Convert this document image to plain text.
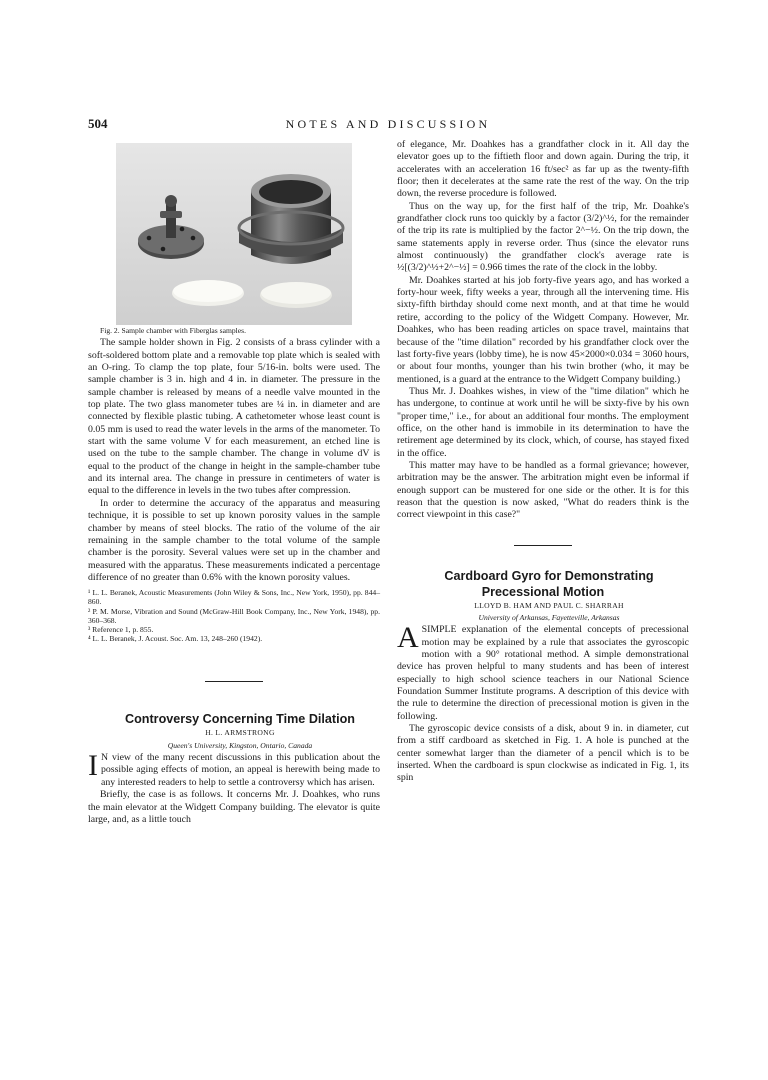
504	NOTES AND DISCUSSION

Fig. 2. Sample chamber with Fiberglas samples.

The sample holder shown in Fig. 2 consists of a brass cylinder with a soft-soldered bottom plate and a removable top plate which is sealed with an O-ring. To clamp the top plate, four 5/16-in. bolts were used. The sample chamber is 3 in. high and 4 in. in diameter. The pressure in the sample chamber is released by means of a needle valve mounted in the top plate. The two glass manometer tubes are ¼ in. in diameter and are connected by flexible plastic tubing. A cathetometer whose least count is 0.05 mm is used to read the water levels in the arms of the manometer. To start with the same volume V for each measurement, an etched line is used on the tube to the sample chamber. The change in volume dV is equal to the product of the change in height in the sample-chamber tube and its internal area. The change in pressure in centimeters of water is equal to the difference in levels in the two tubes after compression.

In order to determine the accuracy of the apparatus and measuring technique, it is possible to set up known porosity values in the sample chamber by means of steel blocks. The ratio of the volume of the air remaining in the sample chamber to the total volume of the sample chamber is the porosity. Several values were set up in the chamber and measured with the apparatus. These measurements indicated a percentage difference of no greater than 0.6% with the known porosity values.

¹ L. L. Beranek, Acoustic Measurements (John Wiley & Sons, Inc., New York, 1950), pp. 844–860.
² P. M. Morse, Vibration and Sound (McGraw-Hill Book Company, Inc., New York, 1948), pp. 360–368.
³ Reference 1, p. 855.
⁴ L. L. Beranek, J. Acoust. Soc. Am. 13, 248–260 (1942).

Controversy Concerning Time Dilation

H. L. ARMSTRONG

Queen's University, Kingston, Ontario, Canada

I N view of the many recent discussions in this publication about the possible aging effects of motion, an appeal is herewith being made to any interested readers to help to settle a controversy which has arisen.

Briefly, the case is as follows. It concerns Mr. J. Doahkes, who runs the main elevator at the Widgett Company building. The elevator is quite large, and, as a little touch

of elegance, Mr. Doahkes has a grandfather clock in it. All day the elevator goes up to the fiftieth floor and down again. During the trip, it accelerates with an acceleration 16 ft/sec² as far up as the twenty-fifth floor; then it decelerates at the same rate the rest of the way. On the trip down, the reverse procedure is followed.

Thus on the way up, for the first half of the trip, Mr. Doahke's grandfather clock runs too quickly by a factor (3/2)^½, for the remainder of the trip its rate is multiplied by the factor 2^−½. On the trip down, the same statements apply in reverse order. Thus (since the elevator runs almost continuously) the grandfather clock's average rate is ½[(3/2)^½+2^−½] = 0.966 times the rate of the clock in the lobby.

Mr. Doahkes started at his job forty-five years ago, and has worked a forty-hour week, fifty weeks a year, through all the intervening time. His sixty-fifth birthday should come next month, and at that time he would retire, according to the policy of the Widgett Company. However, Mr. Doahkes, who has been reading articles on space travel, maintains that because of the "time dilation" recorded by his grandfather clock over the last forty-five years (lobby time), he is now 45×2000×0.034 = 3060 hours, or about four months, younger than his twin brother (who, it may be mentioned, is a guard at the entrance to the Widgett Company building.)

Thus Mr. J. Doahkes wishes, in view of the "time dilation" which he has undergone, to continue at work until he will be sixty-five by his own "proper time," i.e., for about an additional four months. The employment office, on the other hand is immobile in its determination to have the retirement age determined by its clock, which, of course, has stayed fixed in the office.

This matter may have to be handled as a formal grievance; however, arbitration may be the answer. The arbitration might even be informal if enough support can be mustered for one side or the other. It is for this reason that the question is now asked, "What do readers think is the correct viewpoint in this case?"

Cardboard Gyro for Demonstrating Precessional Motion

LLOYD B. HAM AND PAUL C. SHARRAH

University of Arkansas, Fayetteville, Arkansas

ASIMPLE explanation of the elemental concepts of precessional motion may be explained by a rule that associates the gyroscopic motion with a 90° rotational method. A simple demonstrational device has proven helpful to many students and has been of interest especially to high school science teachers in our National Science Foundation Summer Institute programs. A description of this device with the rule to determine the direction of precessional motion is given in the following.

The gyroscopic device consists of a disk, about 9 in. in diameter, cut from a stiff cardboard as sketched in Fig. 1. A hole is punched at the center somewhat larger than the diameter of a pencil which is to be inserted. When the cardboard is spun clockwise as indicated in Fig. 1, its spin
